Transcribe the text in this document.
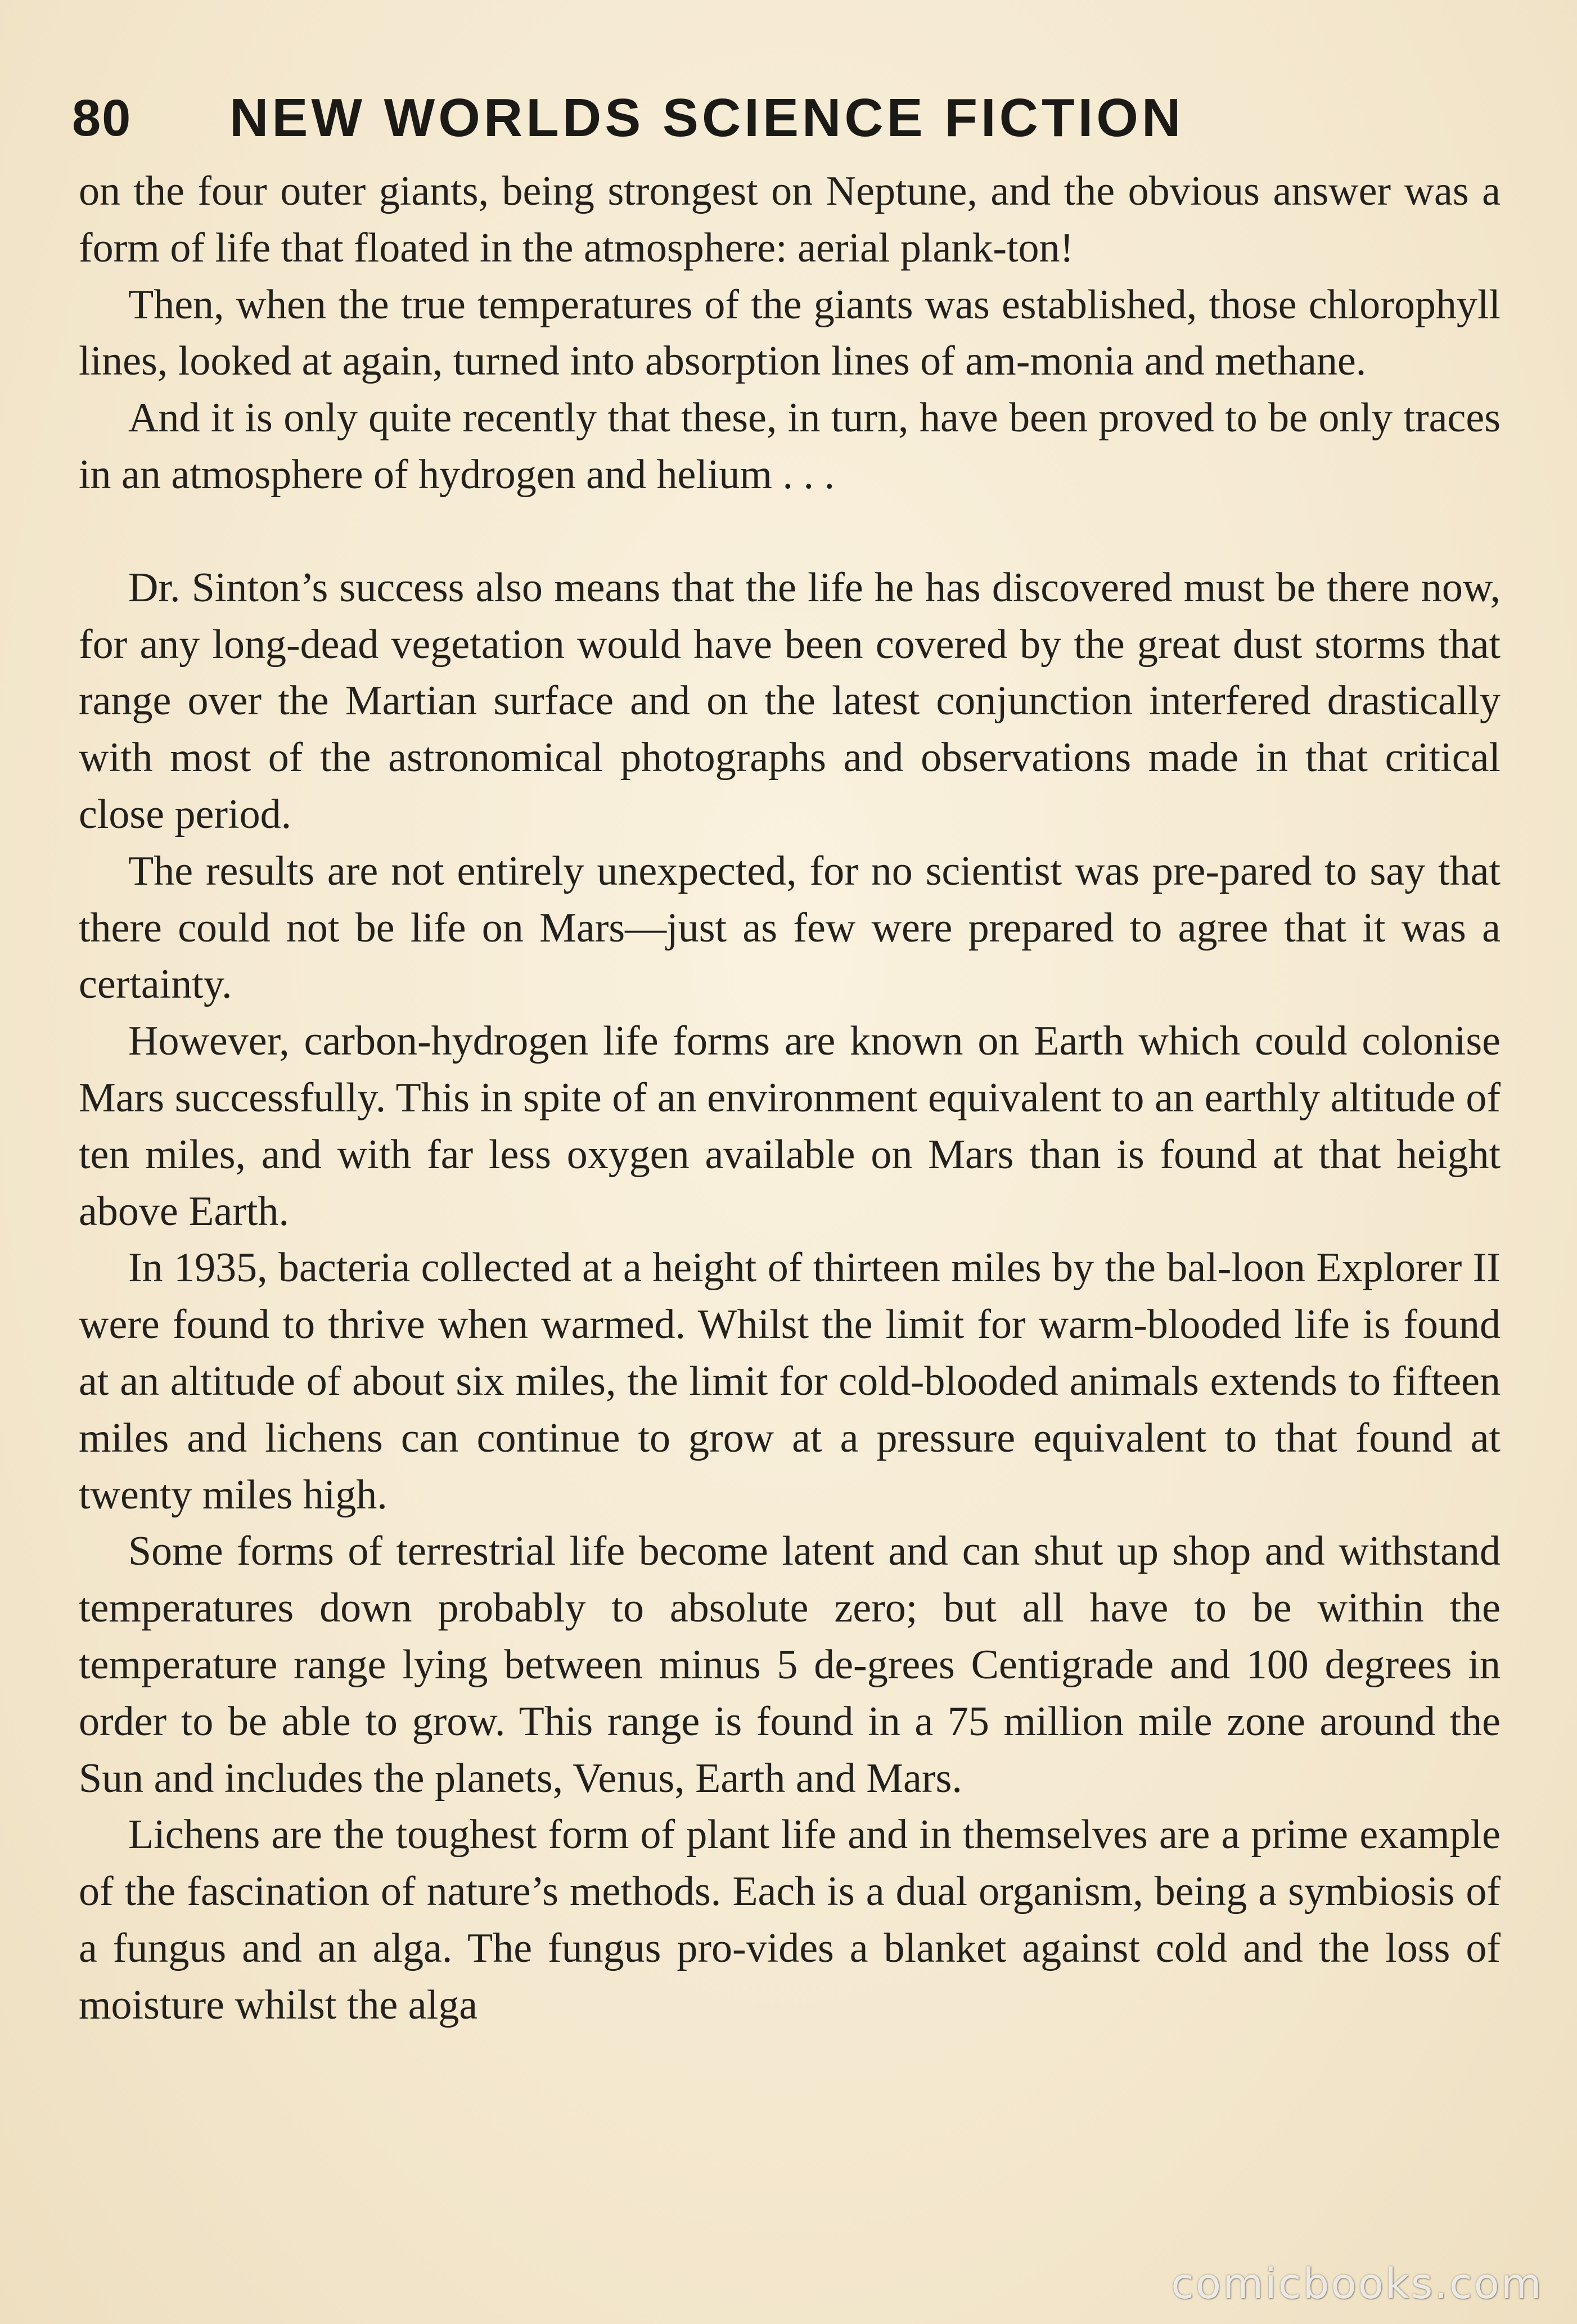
80	NEW WORLDS SCIENCE FICTION

on the four outer giants, being strongest on Neptune, and the obvious answer was a form of life that floated in the atmosphere: aerial plank-ton!

Then, when the true temperatures of the giants was established, those chlorophyll lines, looked at again, turned into absorption lines of am-monia and methane.

And it is only quite recently that these, in turn, have been proved to be only traces in an atmosphere of hydrogen and helium . . .

Dr. Sinton’s success also means that the life he has discovered must be there now, for any long-dead vegetation would have been covered by the great dust storms that range over the Martian surface and on the latest conjunction interfered drastically with most of the astronomical photographs and observations made in that critical close period.

The results are not entirely unexpected, for no scientist was pre-pared to say that there could not be life on Mars—just as few were prepared to agree that it was a certainty.

However, carbon-hydrogen life forms are known on Earth which could colonise Mars successfully. This in spite of an environment equivalent to an earthly altitude of ten miles, and with far less oxygen available on Mars than is found at that height above Earth.

In 1935, bacteria collected at a height of thirteen miles by the bal-loon Explorer II were found to thrive when warmed. Whilst the limit for warm-blooded life is found at an altitude of about six miles, the limit for cold-blooded animals extends to fifteen miles and lichens can continue to grow at a pressure equivalent to that found at twenty miles high.

Some forms of terrestrial life become latent and can shut up shop and withstand temperatures down probably to absolute zero; but all have to be within the temperature range lying between minus 5 de-grees Centigrade and 100 degrees in order to be able to grow. This range is found in a 75 million mile zone around the Sun and includes the planets, Venus, Earth and Mars.

Lichens are the toughest form of plant life and in themselves are a prime example of the fascination of nature’s methods. Each is a dual organism, being a symbiosis of a fungus and an alga. The fungus pro-vides a blanket against cold and the loss of moisture whilst the alga

comicbooks.com
